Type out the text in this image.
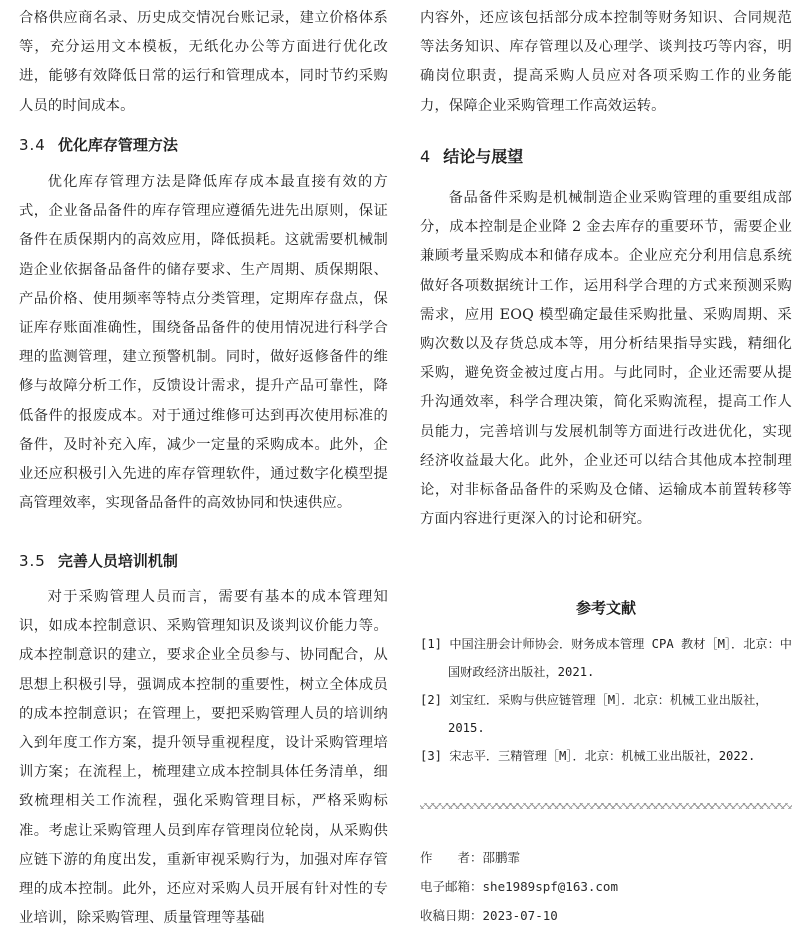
合格供应商名录、历史成交情况台账记录，建立价格体系等，充分运用文本模板，无纸化办公等方面进行优化改进，能够有效降低日常的运行和管理成本，同时节约采购人员的时间成本。

3.4 优化库存管理方法

优化库存管理方法是降低库存成本最直接有效的方式，企业备品备件的库存管理应遵循先进先出原则，保证备件在质保期内的高效应用，降低损耗。这就需要机械制造企业依据备品备件的储存要求、生产周期、质保期限、产品价格、使用频率等特点分类管理，定期库存盘点，保证库存账面准确性，围绕备品备件的使用情况进行科学合理的监测管理，建立预警机制。同时，做好返修备件的维修与故障分析工作，反馈设计需求，提升产品可靠性，降低备件的报废成本。对于通过维修可达到再次使用标准的备件，及时补充入库，减少一定量的采购成本。此外，企业还应积极引入先进的库存管理软件，通过数字化模型提高管理效率，实现备品备件的高效协同和快速供应。

3.5 完善人员培训机制

对于采购管理人员而言，需要有基本的成本管理知识，如成本控制意识、采购管理知识及谈判议价能力等。成本控制意识的建立，要求企业全员参与、协同配合，从思想上积极引导，强调成本控制的重要性，树立全体成员的成本控制意识；在管理上，要把采购管理人员的培训纳入到年度工作方案，提升领导重视程度，设计采购管理培训方案；在流程上，梳理建立成本控制具体任务清单，细致梳理相关工作流程，强化采购管理目标，严格采购标准。考虑让采购管理人员到库存管理岗位轮岗，从采购供应链下游的角度出发，重新审视采购行为，加强对库存管理的成本控制。此外，还应对采购人员开展有针对性的专业培训，除采购管理、质量管理等基础

内容外，还应该包括部分成本控制等财务知识、合同规范等法务知识、库存管理以及心理学、谈判技巧等内容，明确岗位职责，提高采购人员应对各项采购工作的业务能力，保障企业采购管理工作高效运转。

4 结论与展望

备品备件采购是机械制造企业采购管理的重要组成部分，成本控制是企业降 2 金去库存的重要环节，需要企业兼顾考量采购成本和储存成本。企业应充分利用信息系统做好各项数据统计工作，运用科学合理的方式来预测采购需求，应用 EOQ 模型确定最佳采购批量、采购周期、采购次数以及存货总成本等，用分析结果指导实践，精细化采购，避免资金被过度占用。与此同时，企业还需要从提升沟通效率，科学合理决策，简化采购流程，提高工作人员能力，完善培训与发展机制等方面进行改进优化，实现经济收益最大化。此外，企业还可以结合其他成本控制理论，对非标备品备件的采购及仓储、运输成本前置转移等方面内容进行更深入的讨论和研究。

参考文献

[1] 中国注册会计师协会．财务成本管理 CPA 教材［M］．北京：中国财政经济出版社，2021.

[2] 刘宝红．采购与供应链管理［M］．北京：机械工业出版社，2015.

[3] 宋志平．三精管理［M］．北京：机械工业出版社，2022.

作　　者：邵鹏霏

电子邮箱：she1989spf@163.com

收稿日期：2023-07-10
